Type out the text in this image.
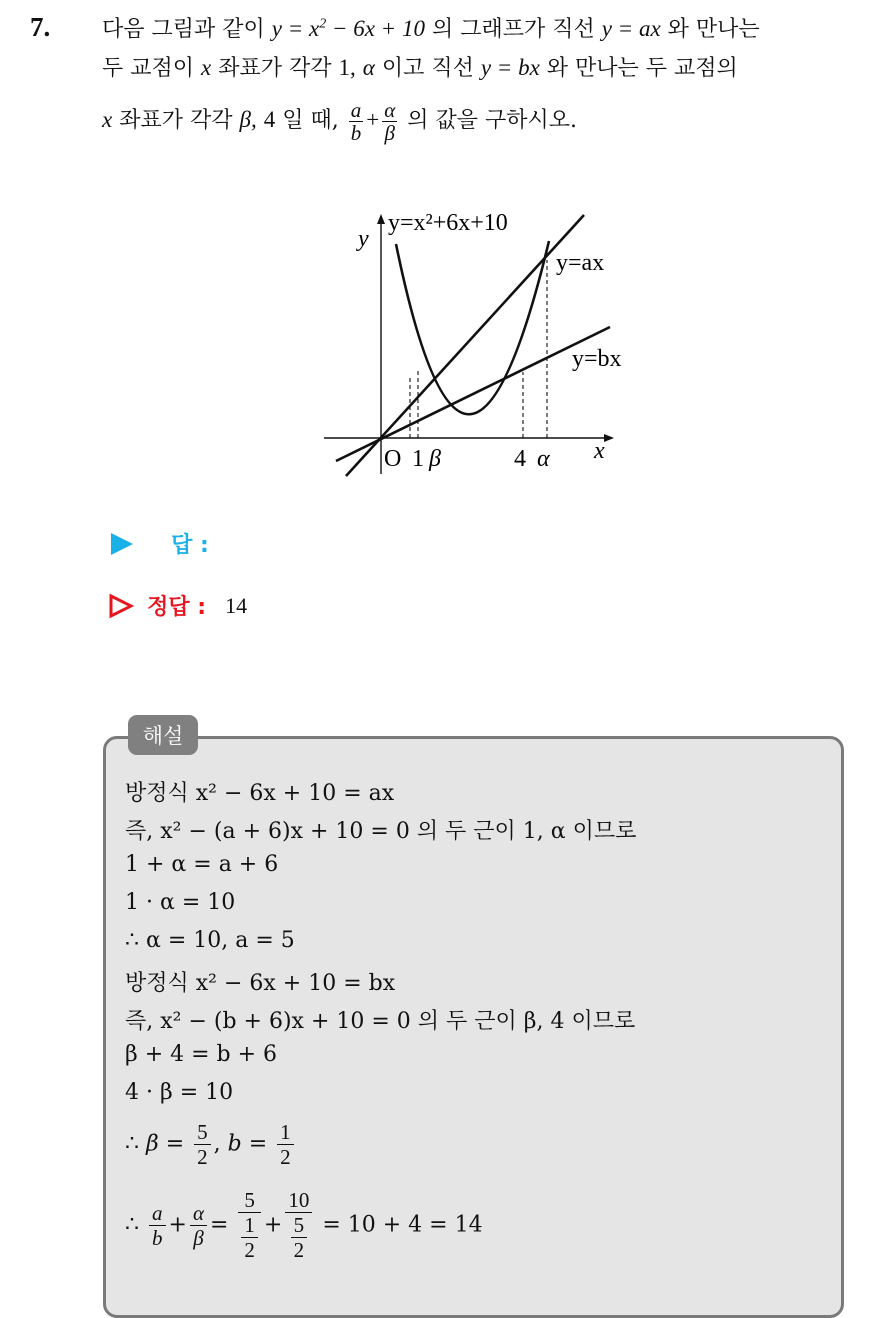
7. 다음 그림과 같이 $y = x^2 - 6x + 10$ 의 그래프가 직선 y = ax 와 만나는
두 교점이 x 좌표가 각각 1, α 이고 직선 y = bx 와 만나는 두 교점의
x 좌표가 각각 β, 4 일 때, $\frac{a}{b} + \frac{\alpha}{\beta}$ 의 값을 구하시오.
y=x²+6x+10
y
y=ax
y=bx
O 1 β	4 α x
답 :
정답 : 14
해설
방정식 x² − 6x + 10 = ax
즉, x² − (a + 6)x + 10 = 0 의 두 근이 1, α 이므로
1 + α = a + 6
1 · α = 10
∴ α = 10, a = 5
방정식 x² − 6x + 10 = bx
즉, x² − (b + 6)x + 10 = 0 의 두 근이 β, 4 이므로
β + 4 = b + 6
4 · β = 10
∴ $\beta = \frac{5}{2}$ , $b = \frac{1}{2}$
∴ $\frac{a}{b} + \frac{\alpha}{\beta} = \frac{5}{\frac{1}{2}} + \frac{10}{\frac{5}{2}} = 10 + 4 = 14$
